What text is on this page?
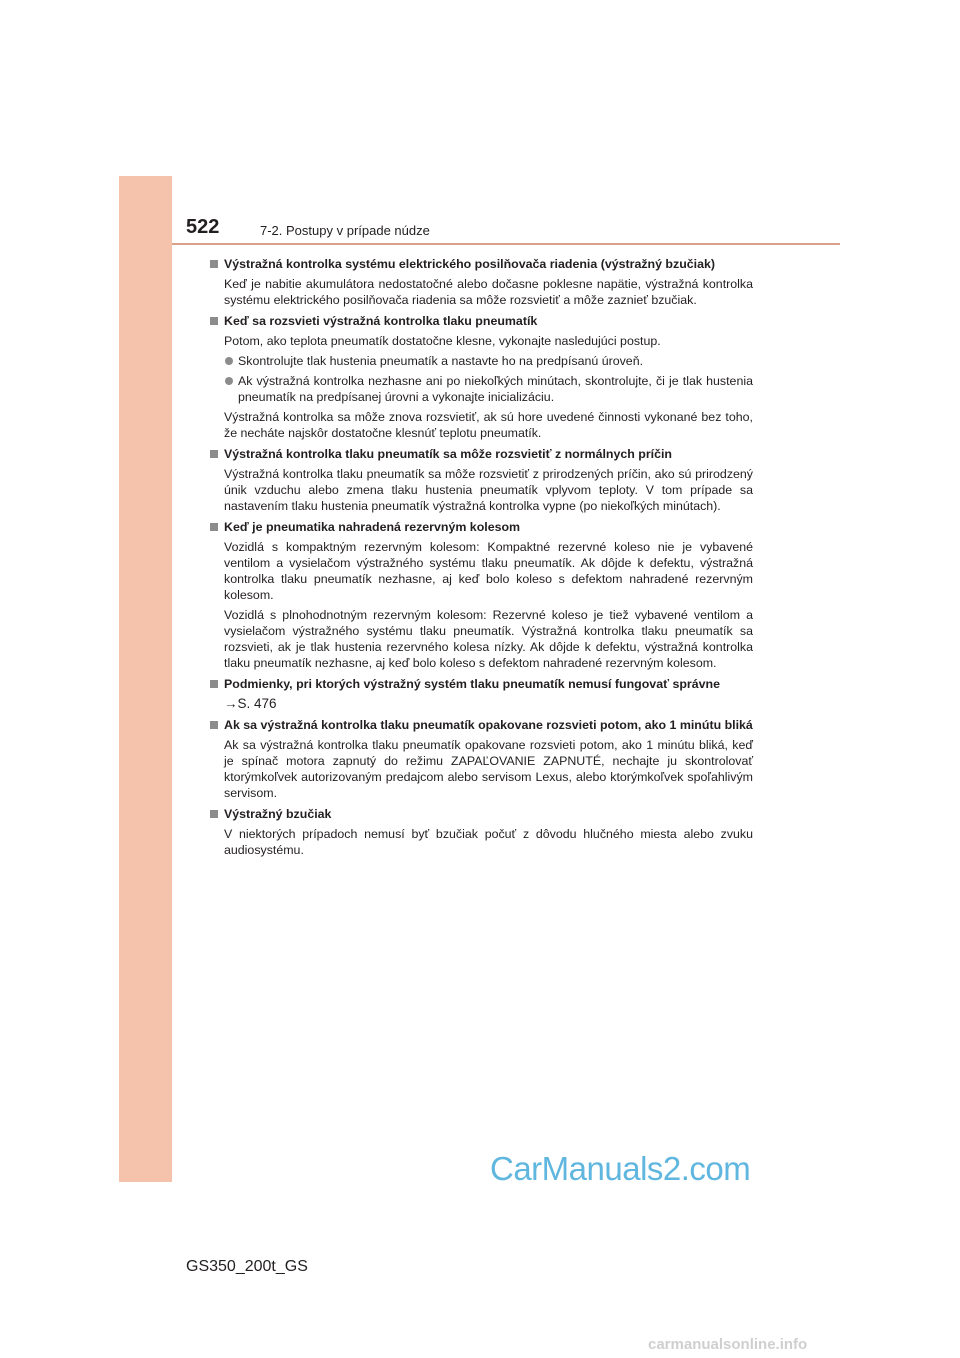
522	7-2. Postupy v prípade núdze
Výstražná kontrolka systému elektrického posilňovača riadenia (výstražný bzučiak)
Keď je nabitie akumulátora nedostatočné alebo dočasne poklesne napätie, výstražná kontrolka systému elektrického posilňovača riadenia sa môže rozsvietiť a môže zaznieť bzučiak.
Keď sa rozsvieti výstražná kontrolka tlaku pneumatík
Potom, ako teplota pneumatík dostatočne klesne, vykonajte nasledujúci postup.
Skontrolujte tlak hustenia pneumatík a nastavte ho na predpísanú úroveň.
Ak výstražná kontrolka nezhasne ani po niekoľkých minútach, skontrolujte, či je tlak hustenia pneumatík na predpísanej úrovni a vykonajte inicializáciu.
Výstražná kontrolka sa môže znova rozsvietiť, ak sú hore uvedené činnosti vykonané bez toho, že necháte najskôr dostatočne klesnúť teplotu pneumatík.
Výstražná kontrolka tlaku pneumatík sa môže rozsvietiť z normálnych príčin
Výstražná kontrolka tlaku pneumatík sa môže rozsvietiť z prirodzených príčin, ako sú prirodzený únik vzduchu alebo zmena tlaku hustenia pneumatík vplyvom teploty. V tom prípade sa nastavením tlaku hustenia pneumatík výstražná kontrolka vypne (po niekoľkých minútach).
Keď je pneumatika nahradená rezervným kolesom
Vozidlá s kompaktným rezervným kolesom: Kompaktné rezervné koleso nie je vybavené ventilom a vysielačom výstražného systému tlaku pneumatík. Ak dôjde k defektu, výstražná kontrolka tlaku pneumatík nezhasne, aj keď bolo koleso s defektom nahradené rezervným kolesom.
Vozidlá s plnohodnotným rezervným kolesom: Rezervné koleso je tiež vybavené ventilom a vysielačom výstražného systému tlaku pneumatík. Výstražná kontrolka tlaku pneumatík sa rozsvieti, ak je tlak hustenia rezervného kolesa nízky. Ak dôjde k defektu, výstražná kontrolka tlaku pneumatík nezhasne, aj keď bolo koleso s defektom nahradené rezervným kolesom.
Podmienky, pri ktorých výstražný systém tlaku pneumatík nemusí fungovať správne
→S. 476
Ak sa výstražná kontrolka tlaku pneumatík opakovane rozsvieti potom, ako 1 minútu bliká
Ak sa výstražná kontrolka tlaku pneumatík opakovane rozsvieti potom, ako 1 minútu bliká, keď je spínač motora zapnutý do režimu ZAPAĽOVANIE ZAPNUTÉ, nechajte ju skontrolovať ktorýmkoľvek autorizovaným predajcom alebo servisom Lexus, alebo ktorýmkoľvek spoľahlivým servisom.
Výstražný bzučiak
V niektorých prípadoch nemusí byť bzučiak počuť z dôvodu hlučného miesta alebo zvuku audiosystému.
CarManuals2.com
GS350_200t_GS
carmanualsonline.info
